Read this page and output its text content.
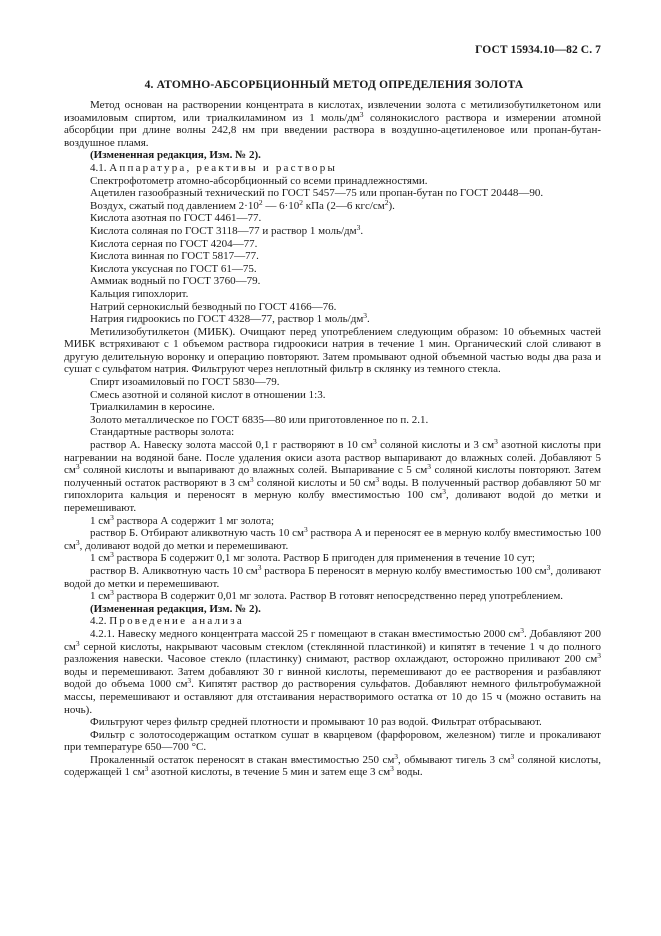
ГОСТ 15934.10—82 С. 7
4. АТОМНО-АБСОРБЦИОННЫЙ МЕТОД ОПРЕДЕЛЕНИЯ ЗОЛОТА

Метод основан на растворении концентрата в кислотах, извлечении золота с метилизобутилкетоном или изоамиловым спиртом, или триалкиламином из 1 моль/$дм^3$ солянокислого раствора и измерении атомной абсорбции при длине волны 242,8 нм при введении раствора в воздушно-ацетиленовое или пропан-бутан-воздушное пламя.

(Измененная редакция, Изм. № 2).

4.1. Аппаратура, реактивы и растворы

Спектрофотометр атомно-абсорбционный со всеми принадлежностями.

Ацетилен газообразный технический по ГОСТ 5457—75 или пропан-бутан по ГОСТ 20448—90.

Воздух, сжатый под давлением $2\cdot 10^2$ — $6\cdot 10^2$ кПа (2—6 кгс/$см^2$).

Кислота азотная по ГОСТ 4461—77.

Кислота соляная по ГОСТ 3118—77 и раствор 1 моль/$дм^3$.

Кислота серная по ГОСТ 4204—77.

Кислота винная по ГОСТ 5817—77.

Кислота уксусная по ГОСТ 61—75.

Аммиак водный по ГОСТ 3760—79.

Кальция гипохлорит.

Натрий сернокислый безводный по ГОСТ 4166—76.

Натрия гидроокись по ГОСТ 4328—77, раствор 1 моль/$дм^3$.

Метилизобутилкетон (МИБК). Очищают перед употреблением следующим образом: 10 объемных частей МИБК встряхивают с 1 объемом раствора гидроокиси натрия в течение 1 мин. Органический слой сливают в другую делительную воронку и операцию повторяют. Затем промывают одной объемной частью воды два раза и сушат с сульфатом натрия. Фильтруют через неплотный фильтр в склянку из темного стекла.

Спирт изоамиловый по ГОСТ 5830—79.

Смесь азотной и соляной кислот в отношении 1:3.

Триалкиламин в керосине.

Золото металлическое по ГОСТ 6835—80 или приготовленное по п. 2.1.

Стандартные растворы золота:

раствор А. Навеску золота массой 0,1 г растворяют в 10 $см^3$ соляной кислоты и 3 $см^3$ азотной кислоты при нагревании на водяной бане. После удаления окиси азота раствор выпаривают до влажных солей. Добавляют 5 $см^3$ соляной кислоты и выпаривают до влажных солей. Выпаривание с 5 $см^3$ соляной кислоты повторяют. Затем полученный остаток растворяют в 3 $см^3$ соляной кислоты и 50 $см^3$ воды. В полученный раствор добавляют 50 мг гипохлорита кальция и переносят в мерную колбу вместимостью 100 $см^3$, доливают водой до метки и перемешивают.

1 $см^3$ раствора А содержит 1 мг золота;

раствор Б. Отбирают аликвотную часть 10 $см^3$ раствора А и переносят ее в мерную колбу вместимостью 100 $см^3$, доливают водой до метки и перемешивают.

1 $см^3$ раствора Б содержит 0,1 мг золота. Раствор Б пригоден для применения в течение 10 сут;

раствор В. Аликвотную часть 10 $см^3$ раствора Б переносят в мерную колбу вместимостью 100 $см^3$, доливают водой до метки и перемешивают.

1 $см^3$ раствора В содержит 0,01 мг золота. Раствор В готовят непосредственно перед употреблением.

(Измененная редакция, Изм. № 2).

4.2. Проведение анализа

4.2.1. Навеску медного концентрата массой 25 г помещают в стакан вместимостью 2000 $см^3$. Добавляют 200 $см^3$ серной кислоты, накрывают часовым стеклом (стеклянной пластинкой) и кипятят в течение 1 ч до полного разложения навески. Часовое стекло (пластинку) снимают, раствор охлаждают, осторожно приливают 200 $см^3$ воды и перемешивают. Затем добавляют 30 г винной кислоты, перемешивают до ее растворения и разбавляют водой до объема 1000 $см^3$. Кипятят раствор до растворения сульфатов. Добавляют немного фильтробумажной массы, перемешивают и оставляют для отстаивания нерастворимого остатка от 10 до 15 ч (можно оставить на ночь).

Фильтруют через фильтр средней плотности и промывают 10 раз водой. Фильтрат отбрасывают.

Фильтр с золотосодержащим остатком сушат в кварцевом (фарфоровом, железном) тигле и прокаливают при температуре 650—700 °С.

Прокаленный остаток переносят в стакан вместимостью 250 $см^3$, обмывают тигель 3 $см^3$ соляной кислоты, содержащей 1 $см^3$ азотной кислоты, в течение 5 мин и затем еще 3 $см^3$ воды.
